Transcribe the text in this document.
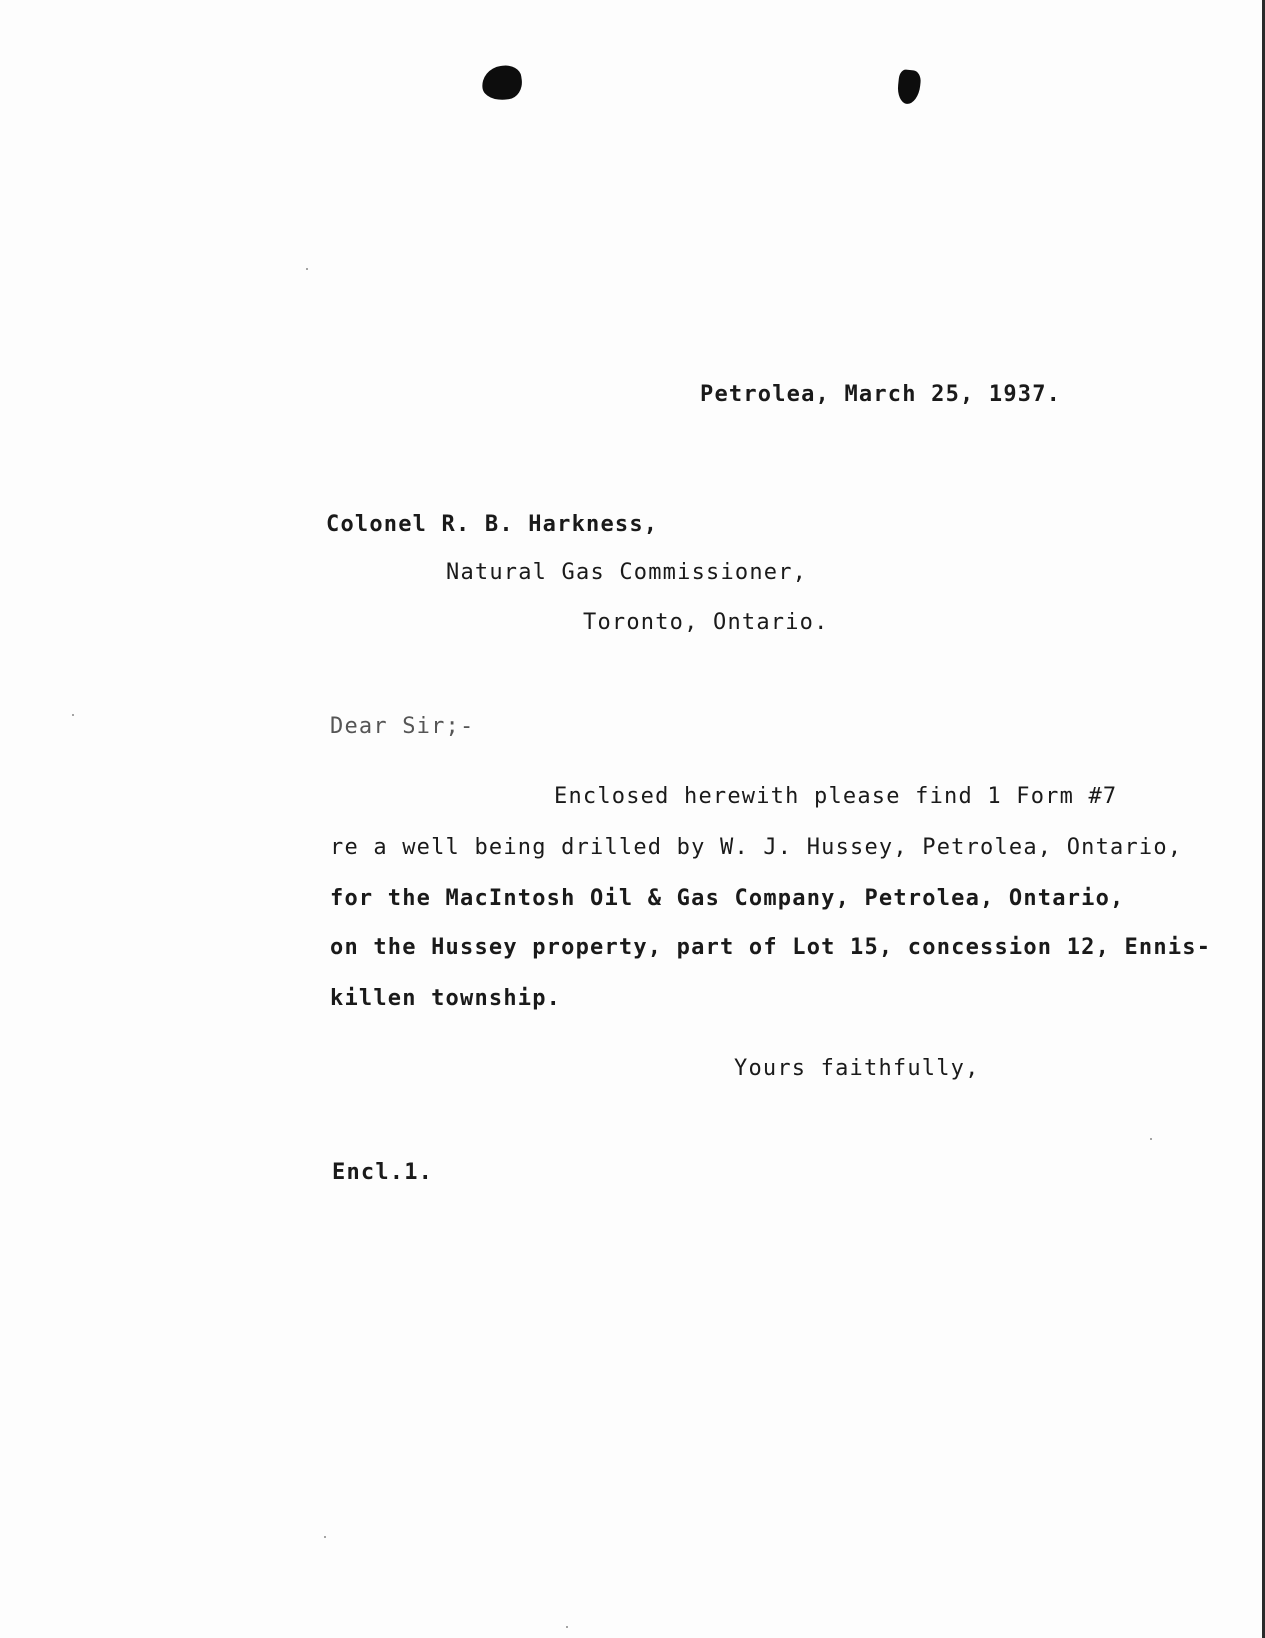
Petrolea, March 25, 1937.
Colonel R. B. Harkness,
Natural Gas Commissioner,
Toronto, Ontario.
Dear Sir;-
Enclosed herewith please find 1 Form #7
re a well being drilled by W. J. Hussey, Petrolea, Ontario,
for the MacIntosh Oil & Gas Company, Petrolea, Ontario,
on the Hussey property, part of Lot 15, concession 12, Ennis-
killen township.
Yours faithfully,
Encl.1.
